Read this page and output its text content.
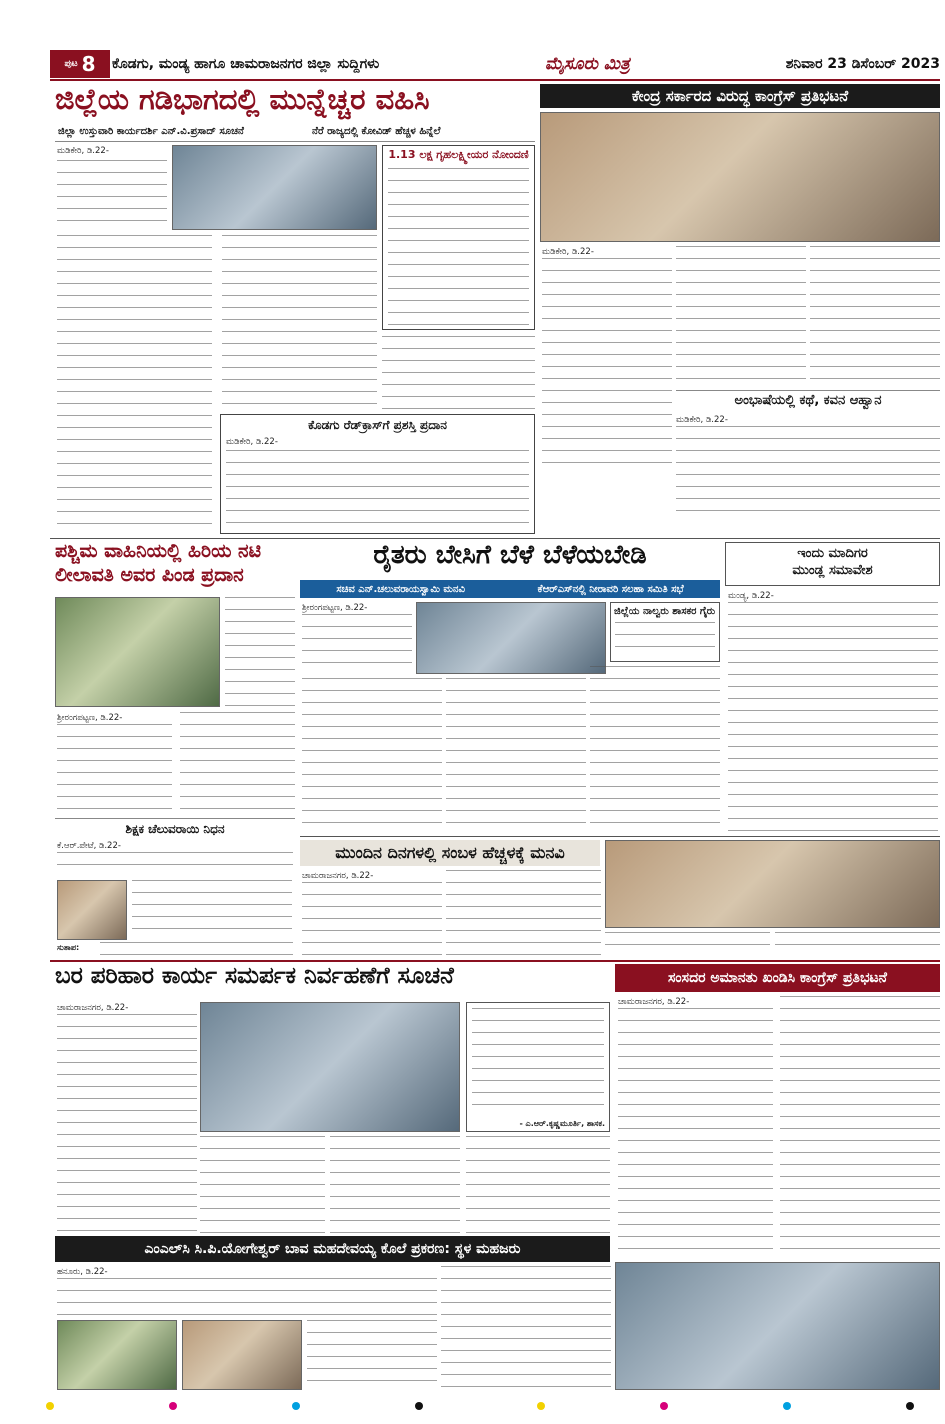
ಪುಟ 8 ಕೊಡಗು, ಮಂಡ್ಯ ಹಾಗೂ ಚಾಮರಾಜನಗರ ಜಿಲ್ಲಾ ಸುದ್ದಿಗಳು	ಮೈಸೂರು ಮಿತ್ರ	ಶನಿವಾರ 23 ಡಿಸೆಂಬರ್ 2023
ಜಿಲ್ಲೆಯ ಗಡಿಭಾಗದಲ್ಲಿ ಮುನ್ನೆಚ್ಚರ ವಹಿಸಿ
ಜಿಲ್ಲಾ ಉಸ್ತುವಾರಿ ಕಾರ್ಯದರ್ಶಿ ಎನ್.ವಿ.ಪ್ರಸಾದ್ ಸೂಚನೆ	ನೆರೆ ರಾಜ್ಯದಲ್ಲಿ ಕೋವಿಡ್ ಹೆಚ್ಚಳ ಹಿನ್ನೆಲೆ
ಮಡಿಕೇರಿ, ಡಿ.22-	1.13 ಲಕ್ಷ ಗೃಹಲಕ್ಷ್ಮೀಯರ ನೋಂದಣಿ
ಕೊಡಗು ರೆಡ್‌ಕ್ರಾಸ್‌ಗೆ ಪ್ರಶಸ್ತಿ ಪ್ರದಾನ
ಮಡಿಕೇರಿ, ಡಿ.22-
ಕೇಂದ್ರ ಸರ್ಕಾರದ ವಿರುದ್ಧ ಕಾಂಗ್ರೆಸ್ ಪ್ರತಿಭಟನೆ
ಮಡಿಕೇರಿ, ಡಿ.22-
ಅಂಭಾಷೆಯಲ್ಲಿ ಕಥೆ, ಕವನ ಆಹ್ವಾನ
ಮಡಿಕೇರಿ, ಡಿ.22-
ಪಶ್ಚಿಮ ವಾಹಿನಿಯಲ್ಲಿ ಹಿರಿಯ ನಟಿ
ಲೀಲಾವತಿ ಅವರ ಪಿಂಡ ಪ್ರದಾನ
ಶ್ರೀರಂಗಪಟ್ಟಣ, ಡಿ.22-
ಶಿಕ್ಷಕ ಚೆಲುವರಾಯಿ ನಿಧನ
ಕೆ.ಆರ್.ಪೇಟೆ, ಡಿ.22-
ಸುತಾಪ:
ರೈತರು ಬೇಸಿಗೆ ಬೆಳೆ ಬೆಳೆಯಬೇಡಿ
ಸಚಿವ ಎನ್.ಚಲುವರಾಯಸ್ವಾಮಿ ಮನವಿ	ಕೆಆರ್‌ಎಸ್‌ನಲ್ಲಿ ನೀರಾವರಿ ಸಲಹಾ ಸಮಿತಿ ಸಭೆ
ಶ್ರೀರಂಗಪಟ್ಟಣ, ಡಿ.22-	ಜಿಲ್ಲೆಯ ನಾಲ್ವರು ಶಾಸಕರ ಗೈರು
ಇಂದು ಮಾದಿಗರ
ಮುಂಡ್ಲ ಸಮಾವೇಶ
ಮಂಡ್ಯ, ಡಿ.22-
ಮುಂದಿನ ದಿನಗಳಲ್ಲಿ ಸಂಬಳ ಹೆಚ್ಚಳಕ್ಕೆ ಮನವಿ
ಚಾಮರಾಜನಗರ, ಡಿ.22-
ಬರ ಪರಿಹಾರ ಕಾರ್ಯ ಸಮರ್ಪಕ ನಿರ್ವಹಣೆಗೆ ಸೂಚನೆ
ಚಾಮರಾಜನಗರ, ಡಿ.22-
- ಎ.ಆರ್.ಕೃಷ್ಣಮೂರ್ತಿ, ಶಾಸಕ.
ಸಂಸದರ ಅಮಾನತು ಖಂಡಿಸಿ ಕಾಂಗ್ರೆಸ್ ಪ್ರತಿಭಟನೆ
ಚಾಮರಾಜನಗರ, ಡಿ.22-
ಎಂಎಲ್‌ಸಿ ಸಿ.ಪಿ.ಯೋಗೇಶ್ವರ್ ಬಾವ ಮಹದೇವಯ್ಯ ಕೊಲೆ ಪ್ರಕರಣ: ಸ್ಥಳ ಮಹಜರು
ಹನೂರು, ಡಿ.22-
